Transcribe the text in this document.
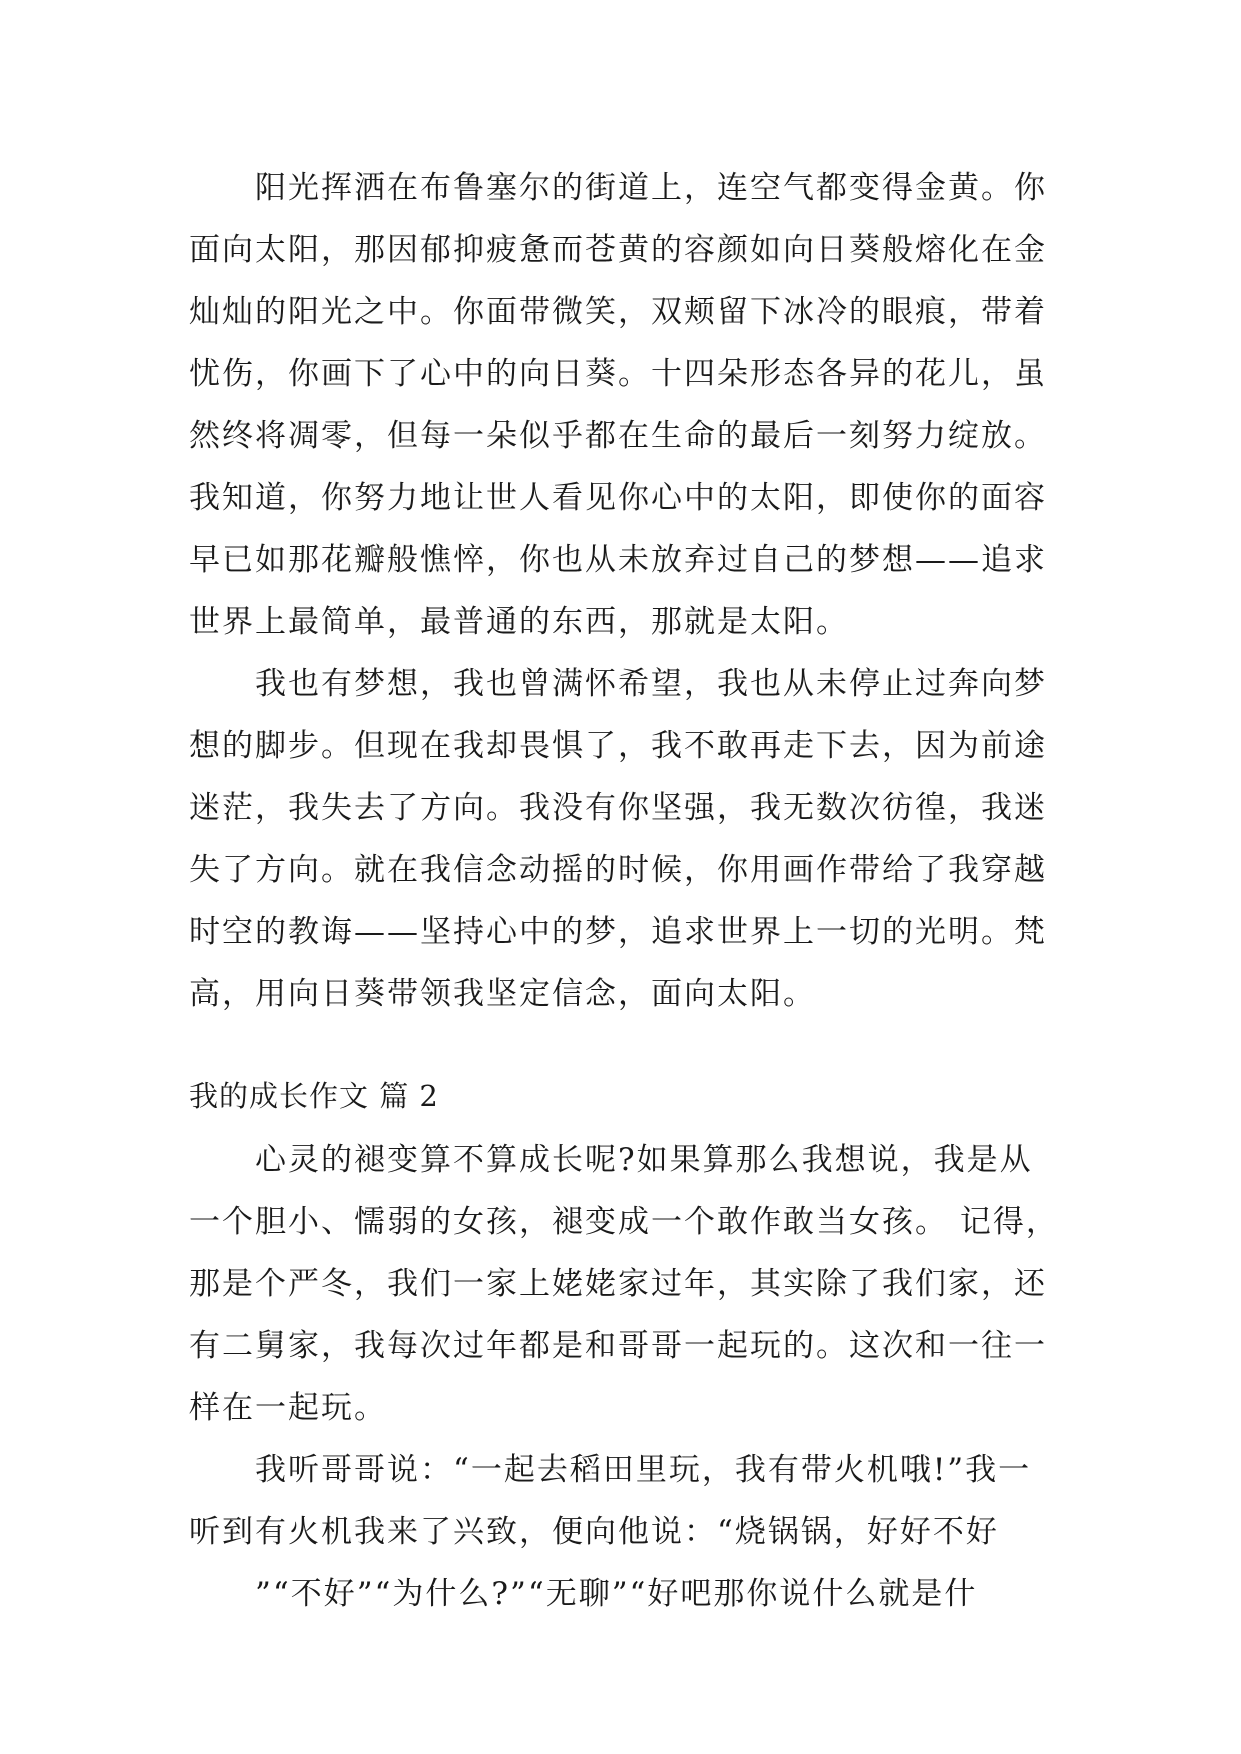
阳光挥洒在布鲁塞尔的街道上，连空气都变得金黄。你
面向太阳，那因郁抑疲惫而苍黄的容颜如向日葵般熔化在金
灿灿的阳光之中。你面带微笑，双颊留下冰冷的眼痕，带着
忧伤，你画下了心中的向日葵。十四朵形态各异的花儿，虽
然终将凋零，但每一朵似乎都在生命的最后一刻努力绽放。
我知道，你努力地让世人看见你心中的太阳，即使你的面容
早已如那花瓣般憔悴，你也从未放弃过自己的梦想——追求
世界上最简单，最普通的东西，那就是太阳。
我也有梦想，我也曾满怀希望，我也从未停止过奔向梦
想的脚步。但现在我却畏惧了，我不敢再走下去，因为前途
迷茫，我失去了方向。我没有你坚强，我无数次彷徨，我迷
失了方向。就在我信念动摇的时候，你用画作带给了我穿越
时空的教诲——坚持心中的梦，追求世界上一切的光明。梵
高，用向日葵带领我坚定信念，面向太阳。
我的成长作文 篇 2
心灵的褪变算不算成长呢?如果算那么我想说，我是从
一个胆小、懦弱的女孩，褪变成一个敢作敢当女孩。 记得，
那是个严冬，我们一家上姥姥家过年，其实除了我们家，还
有二舅家，我每次过年都是和哥哥一起玩的。这次和一往一
样在一起玩。
我听哥哥说：“一起去稻田里玩，我有带火机哦!”我一
听到有火机我来了兴致，便向他说：“烧锅锅，好好不好
”“不好”“为什么?”“无聊”“好吧那你说什么就是什
